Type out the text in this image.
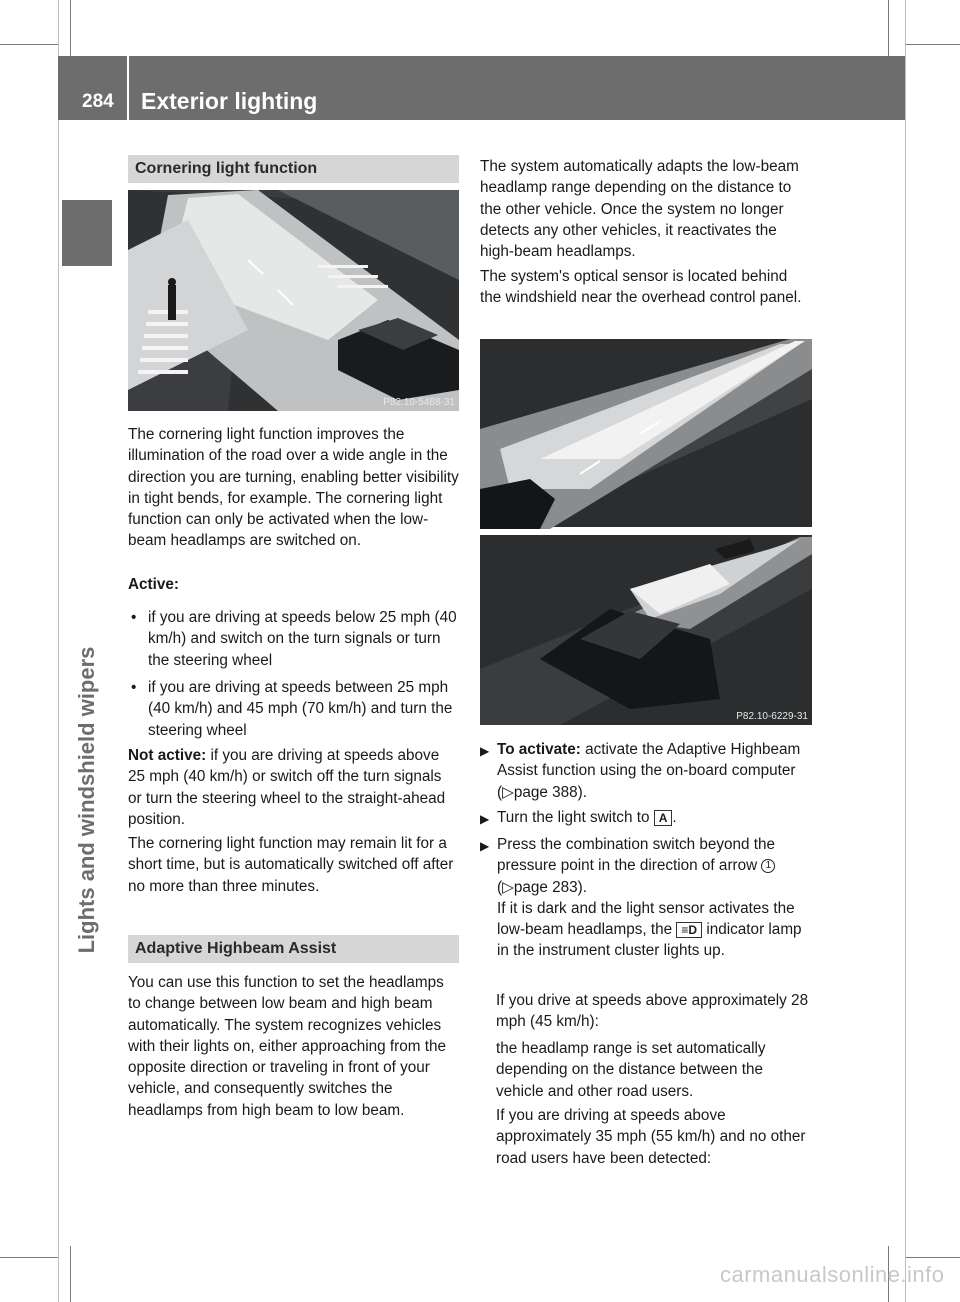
284 Exterior lighting
Lights and windshield wipers
Cornering light function
P82.10-5488-31
The cornering light function improves the illumination of the road over a wide angle in the direction you are turning, enabling better visibility in tight bends, for example. The cornering light function can only be activated when the low-beam headlamps are switched on.
Active:
• if you are driving at speeds below 25 mph (40 km/h) and switch on the turn signals or turn the steering wheel
• if you are driving at speeds between 25 mph (40 km/h) and 45 mph (70 km/h) and turn the steering wheel
Not active: if you are driving at speeds above 25 mph (40 km/h) or switch off the turn signals or turn the steering wheel to the straight-ahead position.
The cornering light function may remain lit for a short time, but is automatically switched off after no more than three minutes.
Adaptive Highbeam Assist
You can use this function to set the headlamps to change between low beam and high beam automatically. The system recognizes vehicles with their lights on, either approaching from the opposite direction or traveling in front of your vehicle, and consequently switches the headlamps from high beam to low beam.
The system automatically adapts the low-beam headlamp range depending on the distance to the other vehicle. Once the system no longer detects any other vehicles, it reactivates the high-beam headlamps.
The system's optical sensor is located behind the windshield near the overhead control panel.
P82.10-6229-31
▶ To activate: activate the Adaptive Highbeam Assist function using the on-board computer (▷page 388).
▶ Turn the light switch to A .
▶ Press the combination switch beyond the pressure point in the direction of arrow 1
(▷page 283).
If it is dark and the light sensor activates the low-beam headlamps, the ≡D indicator lamp in the instrument cluster lights up.
If you drive at speeds above approximately 28 mph (45 km/h):
the headlamp range is set automatically depending on the distance between the vehicle and other road users.
If you are driving at speeds above approximately 35 mph (55 km/h) and no other road users have been detected:
carmanualsonline.info
